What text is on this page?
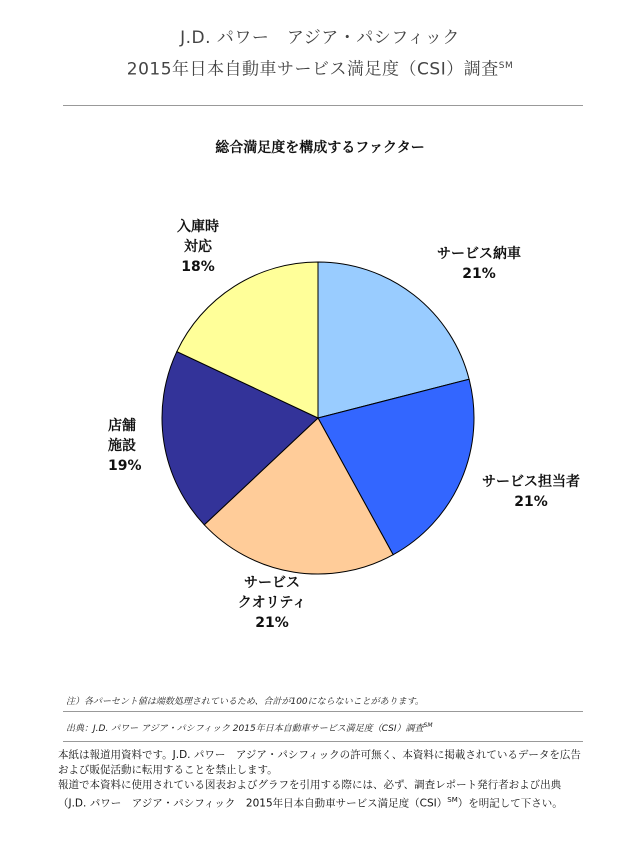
J.D. パワー　アジア・パシフィック
2015年日本自動車サービス満足度（CSI）調査℠
総合満足度を構成するファクター
サービス納車
21%
サービス担当者
21%
サービス
クオリティ
21%
店舗
施設
19%
入庫時
対応
18%
注）各パーセント値は端数処理されているため、合計が100にならないことがあります。
出典：J.D. パワー アジア・パシフィック 2015年日本自動車サービス満足度（CSI）調査℠
本紙は報道用資料です。J.D. パワー　アジア・パシフィックの許可無く、本資料に掲載されているデータを広告
および販促活動に転用することを禁止します。
報道で本資料に使用されている図表およびグラフを引用する際には、必ず、調査レポート発行者および出典
（J.D. パワー　アジア・パシフィック　2015年日本自動車サービス満足度（CSI）℠）を明記して下さい。
